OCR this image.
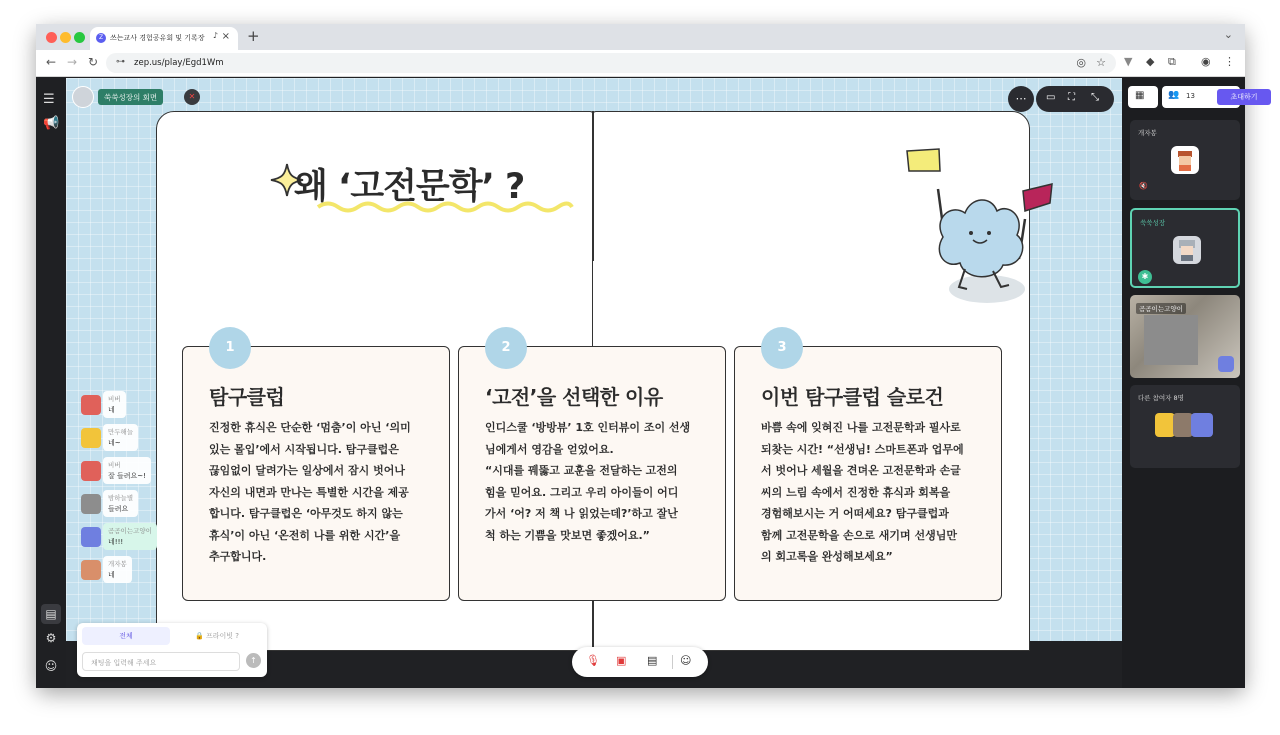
Z 쓰는교사 경험공유회 및 기록장 ♪ × +	⌄
← → ↻ ⊶ zep.us/play/Egd1Wm	◎ ☆ ▼ ◆ ⧉ ◉ ⋮
☰
📢
▤
⚙
☺
왜 ‘고전문학’ ?
1
탐구클럽
진정한 휴식은 단순한 ‘멈춤’이 아닌 ‘의미
있는 몰입’에서 시작됩니다. 탐구클럽은
끊임없이 달려가는 일상에서 잠시 벗어나
자신의 내면과 만나는 특별한 시간을 제공
합니다. 탐구클럽은 ‘아무것도 하지 않는
휴식’이 아닌 ‘온전히 나를 위한 시간’을
추구합니다.
2
‘고전’을 선택한 이유
인디스쿨 ‘방방뷰’ 1호 인터뷰이 조이 선생
님에게서 영감을 얻었어요.
“시대를 꿰뚫고 교훈을 전달하는 고전의
힘을 믿어요. 그리고 우리 아이들이 어디
가서 ‘어? 저 책 나 읽었는데?’하고 잘난
척 하는 기쁨을 맛보면 좋겠어요.”
3
이번 탐구클럽 슬로건
바쁨 속에 잊혀진 나를 고전문학과 필사로
되찾는 시간! “선생님! 스마트폰과 업무에
서 벗어나 세월을 견뎌온 고전문학과 손글
씨의 느림 속에서 진정한 휴식과 회복을
경험해보시는 거 어떠세요? 탐구클럽과
함께 고전문학을 손으로 새기며 선생님만
의 회고록을 완성해보세요”
쑥쑥성장의 회면	✕	⋯	▭ ⛶ ⤡
비버
네
만두해늘
네~
비버
잘 들려요~!
밤하늘별
들려요
곰곰이는고양이
네!!!
개자봉
네
전체	🔒 프라이빗 ?
채팅을 입력해 주세요	↑	🎙 ▣ ▤ ☺
▦	👥 13	초대하기
개자봉
🔇
쑥쑥성장
✱
곰곰이는고양이
다른 참여자 8명
